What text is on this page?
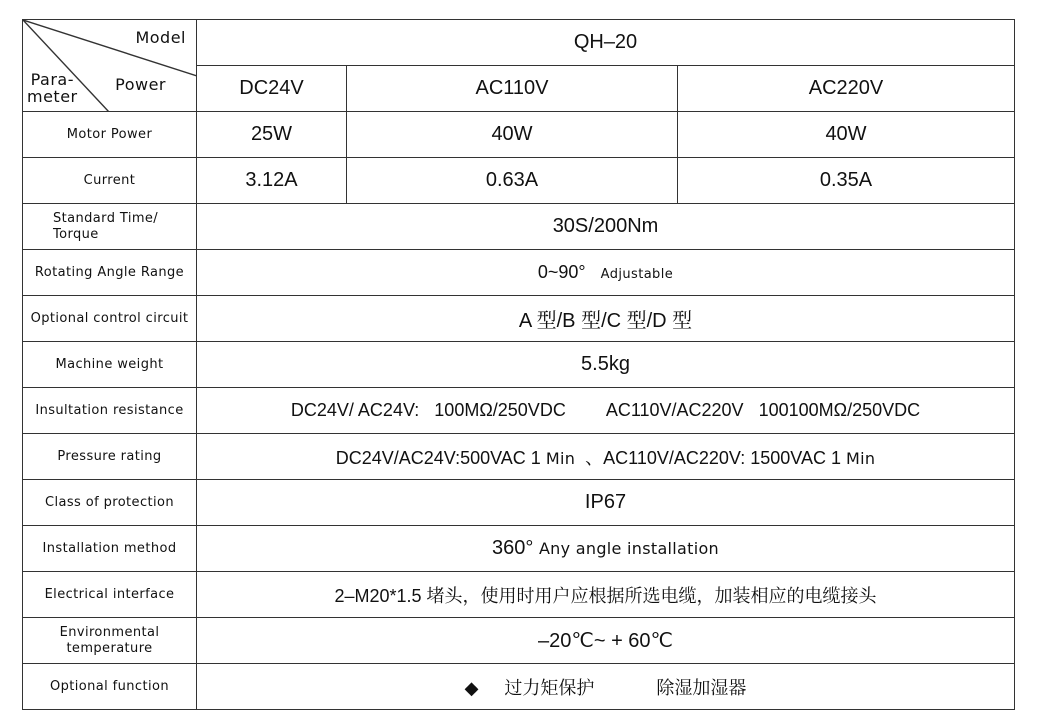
Model
Power
Para-
meter	QH–20		
	DC24V	AC110V	AC220V
Motor Power	25W	40W	40W
Current	3.12A	0.63A	0.35A
Standard Time/
Torque	30S/200Nm		
Rotating Angle Range	0~90° Adjustable		
Optional control circuit	A 型/B 型/C 型/D 型		
Machine weight	5.5kg		
Insultation resistance	DC24V/ AC24V:   100MΩ/250VDC AC110V/AC220V   100100MΩ/250VDC		
Pressure rating	DC24V/AC24V:500VAC 1 Min 、AC110V/AC220V: 1500VAC 1 Min		
Class of protection	IP67		
Installation method	360° Any angle installation		
Electrical interface	2–M20*1.5 堵头，使用时用户应根据所选电缆，加装相应的电缆接头		
Environmental
temperature	–20℃~ + 60℃		
Optional function	◆ 过力矩保护 除湿加湿器		
